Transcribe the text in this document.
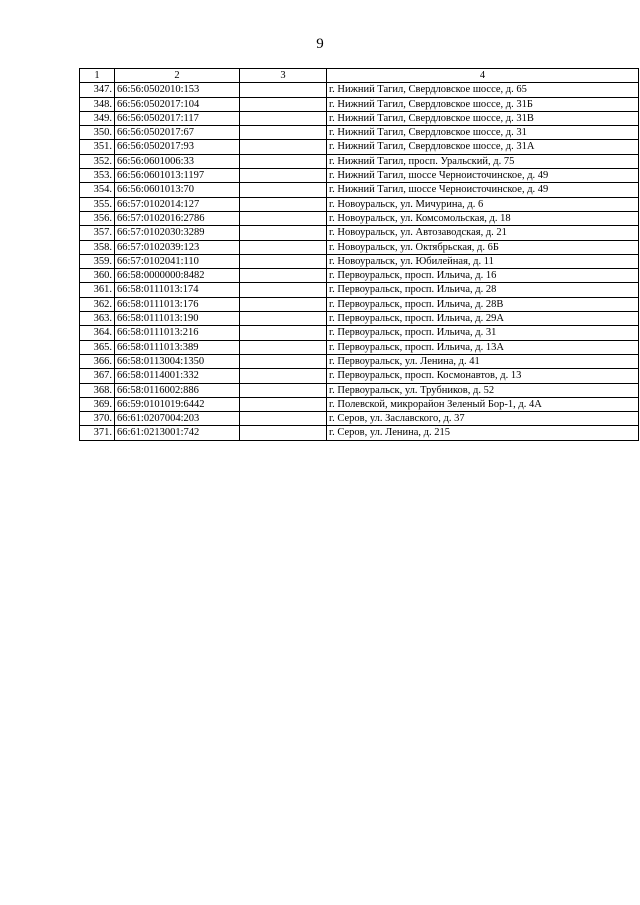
9
1	2	3	4
347.	66:56:0502010:153		г. Нижний Тагил, Свердловское шоссе, д. 65
348.	66:56:0502017:104		г. Нижний Тагил, Свердловское шоссе, д. 31Б
349.	66:56:0502017:117		г. Нижний Тагил, Свердловское шоссе, д. 31В
350.	66:56:0502017:67		г. Нижний Тагил, Свердловское шоссе, д. 31
351.	66:56:0502017:93		г. Нижний Тагил, Свердловское шоссе, д. 31А
352.	66:56:0601006:33		г. Нижний Тагил, просп. Уральский, д. 75
353.	66:56:0601013:1197		г. Нижний Тагил, шоссе Черноисточинское, д. 49
354.	66:56:0601013:70		г. Нижний Тагил, шоссе Черноисточинское, д. 49
355.	66:57:0102014:127		г. Новоуральск, ул. Мичурина, д. 6
356.	66:57:0102016:2786		г. Новоуральск, ул. Комсомольская, д. 18
357.	66:57:0102030:3289		г. Новоуральск, ул. Автозаводская, д. 21
358.	66:57:0102039:123		г. Новоуральск, ул. Октябрьская, д. 6Б
359.	66:57:0102041:110		г. Новоуральск, ул. Юбилейная, д. 11
360.	66:58:0000000:8482		г. Первоуральск, просп. Ильича, д. 16
361.	66:58:0111013:174		г. Первоуральск, просп. Ильича, д. 28
362.	66:58:0111013:176		г. Первоуральск, просп. Ильича, д. 28В
363.	66:58:0111013:190		г. Первоуральск, просп. Ильича, д. 29А
364.	66:58:0111013:216		г. Первоуральск, просп. Ильича, д. 31
365.	66:58:0111013:389		г. Первоуральск, просп. Ильича, д. 13А
366.	66:58:0113004:1350		г. Первоуральск, ул. Ленина, д. 41
367.	66:58:0114001:332		г. Первоуральск, просп. Космонавтов, д. 13
368.	66:58:0116002:886		г. Первоуральск, ул. Трубников, д. 52
369.	66:59:0101019:6442		г. Полевской, микрорайон Зеленый Бор-1, д. 4А
370.	66:61:0207004:203		г. Серов, ул. Заславского, д. 37
371.	66:61:0213001:742		г. Серов, ул. Ленина, д. 215
